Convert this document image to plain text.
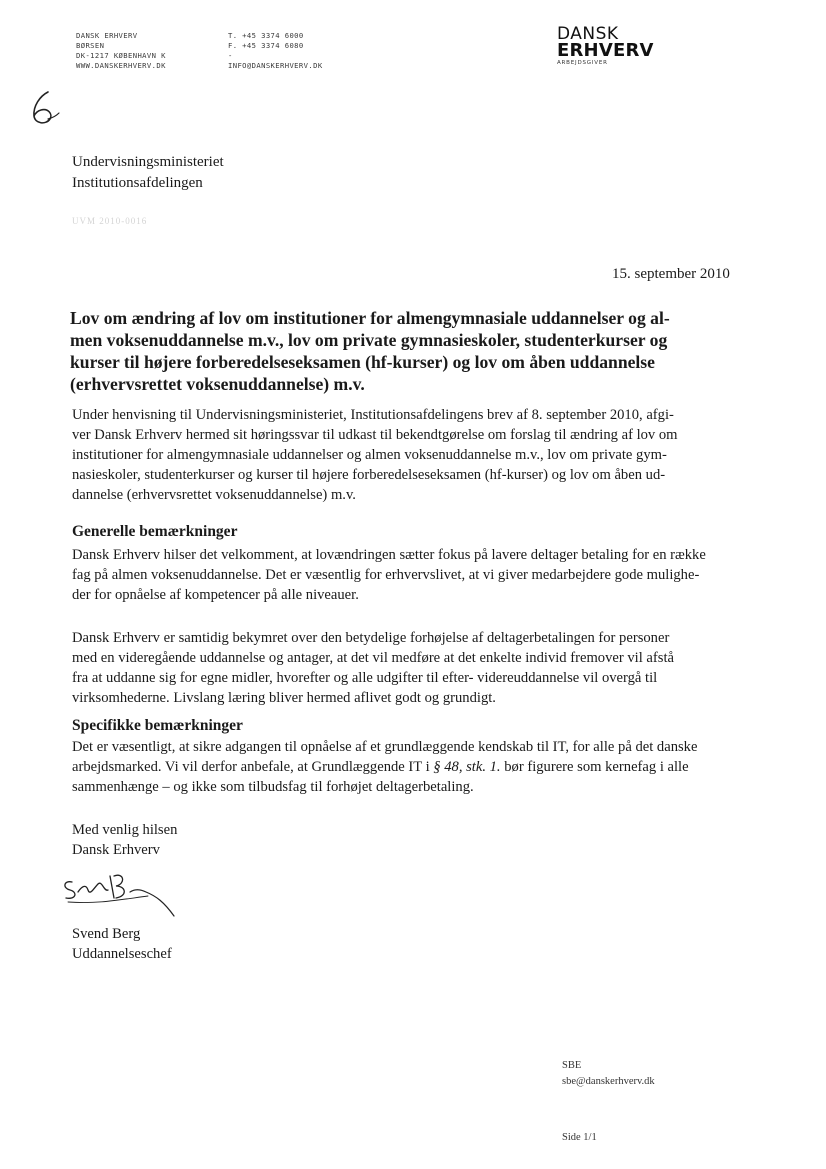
DANSK ERHVERV
BØRSEN
DK-1217 KØBENHAVN K
WWW.DANSKERHVERV.DK
T. +45 3374 6000
F. +45 3374 6080
-
INFO@DANSKERHVERV.DK
DANSK
ERHVERV
ARBEJDSGIVER
Undervisningsministeriet
Institutionsafdelingen
UVM 2010-0016
15. september 2010
Lov om ændring af lov om institutioner for almengymnasiale uddannelser og al-
men voksenuddannelse m.v., lov om private gymnasieskoler, studenterkurser og
kurser til højere forberedelseseksamen (hf-kurser) og lov om åben uddannelse
(erhvervsrettet voksenuddannelse) m.v.
Under henvisning til Undervisningsministeriet, Institutionsafdelingens brev af 8. september 2010, afgi-
ver Dansk Erhverv hermed sit høringssvar til udkast til bekendtgørelse om forslag til ændring af lov om
institutioner for almengymnasiale uddannelser og almen voksenuddannelse m.v., lov om private gym-
nasieskoler, studenterkurser og kurser til højere forberedelseseksamen (hf-kurser) og lov om åben ud-
dannelse (erhvervsrettet voksenuddannelse) m.v.
Generelle bemærkninger
Dansk Erhverv hilser det velkomment, at lovændringen sætter fokus på lavere deltager betaling for en række
fag på almen voksenuddannelse. Det er væsentlig for erhvervslivet, at vi giver medarbejdere gode mulighe-
der for opnåelse af kompetencer på alle niveauer.
Dansk Erhverv er samtidig bekymret over den betydelige forhøjelse af deltagerbetalingen for personer
med en videregående uddannelse og antager, at det vil medføre at det enkelte individ fremover vil afstå
fra at uddanne sig for egne midler, hvorefter og alle udgifter til efter- videreuddannelse vil overgå til
virksomhederne. Livslang læring bliver hermed aflivet godt og grundigt.
Specifikke bemærkninger
Det er væsentligt, at sikre adgangen til opnåelse af et grundlæggende kendskab til IT, for alle på det danske
arbejdsmarked. Vi vil derfor anbefale, at Grundlæggende IT i § 48, stk. 1. bør figurere som kernefag i alle
sammenhænge – og ikke som tilbudsfag til forhøjet deltagerbetaling.
Med venlig hilsen
Dansk Erhverv
Svend Berg
Uddannelseschef
SBE
sbe@danskerhverv.dk
Side 1/1
